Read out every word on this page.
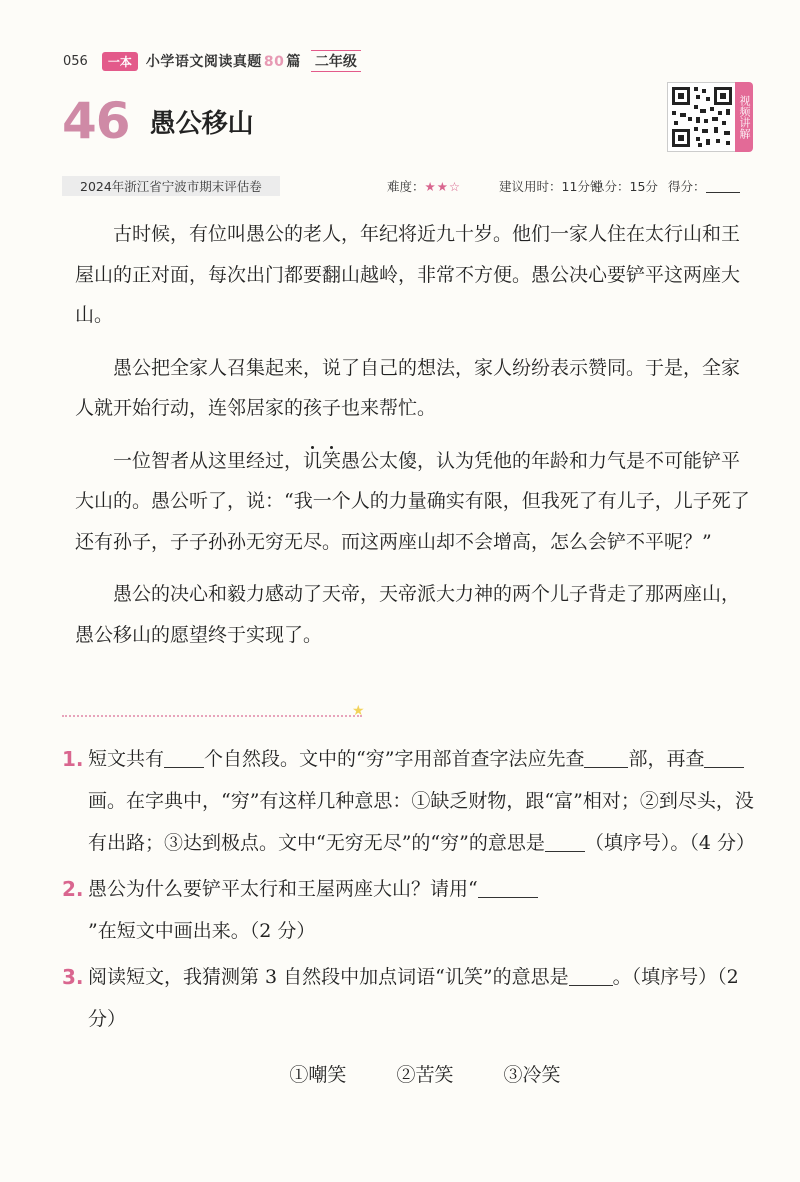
056	一本	小学语文阅读真题 80 篇 二年级
46 愚公移山	视频讲解
2024年浙江省宁波市期末评估卷	难度：★★☆	建议用时：11分钟
总分：15分 得分：

古时候，有位叫愚公的老人，年纪将近九十岁。他们一家人住在太行山和王屋山的正对面，每次出门都要翻山越岭，非常不方便。愚公决心要铲平这两座大山。

愚公把全家人召集起来，说了自己的想法，家人纷纷表示赞同。于是，全家人就开始行动，连邻居家的孩子也来帮忙。

一位智者从这里经过，讥笑愚公太傻，认为凭他的年龄和力气是不可能铲平大山的。愚公听了，说：“我一个人的力量确实有限，但我死了有儿子，儿子死了还有孙子，子子孙孙无穷无尽。而这两座山却不会增高，怎么会铲不平呢？”

愚公的决心和毅力感动了天帝，天帝派大力神的两个儿子背走了那两座山，愚公移山的愿望终于实现了。

★
1. 短文共有 个自然段。文中的“穷”字用部首查字法应先查 部，再查画。在字典中，“穷”有这样几种意思：①缺乏财物，跟“富”相对；②到尽头，没有出路；③达到极点。文中“无穷无尽”的“穷”的意思是 （填序号）。（4 分）
2. 愚公为什么要铲平太行和王屋两座大山？请用“”在短文中画出来。（2 分）
3. 阅读短文，我猜测第 3 自然段中加点词语“讥笑”的意思是 。（填序号）（2 分）
①嘲笑	②苦笑	③冷笑
